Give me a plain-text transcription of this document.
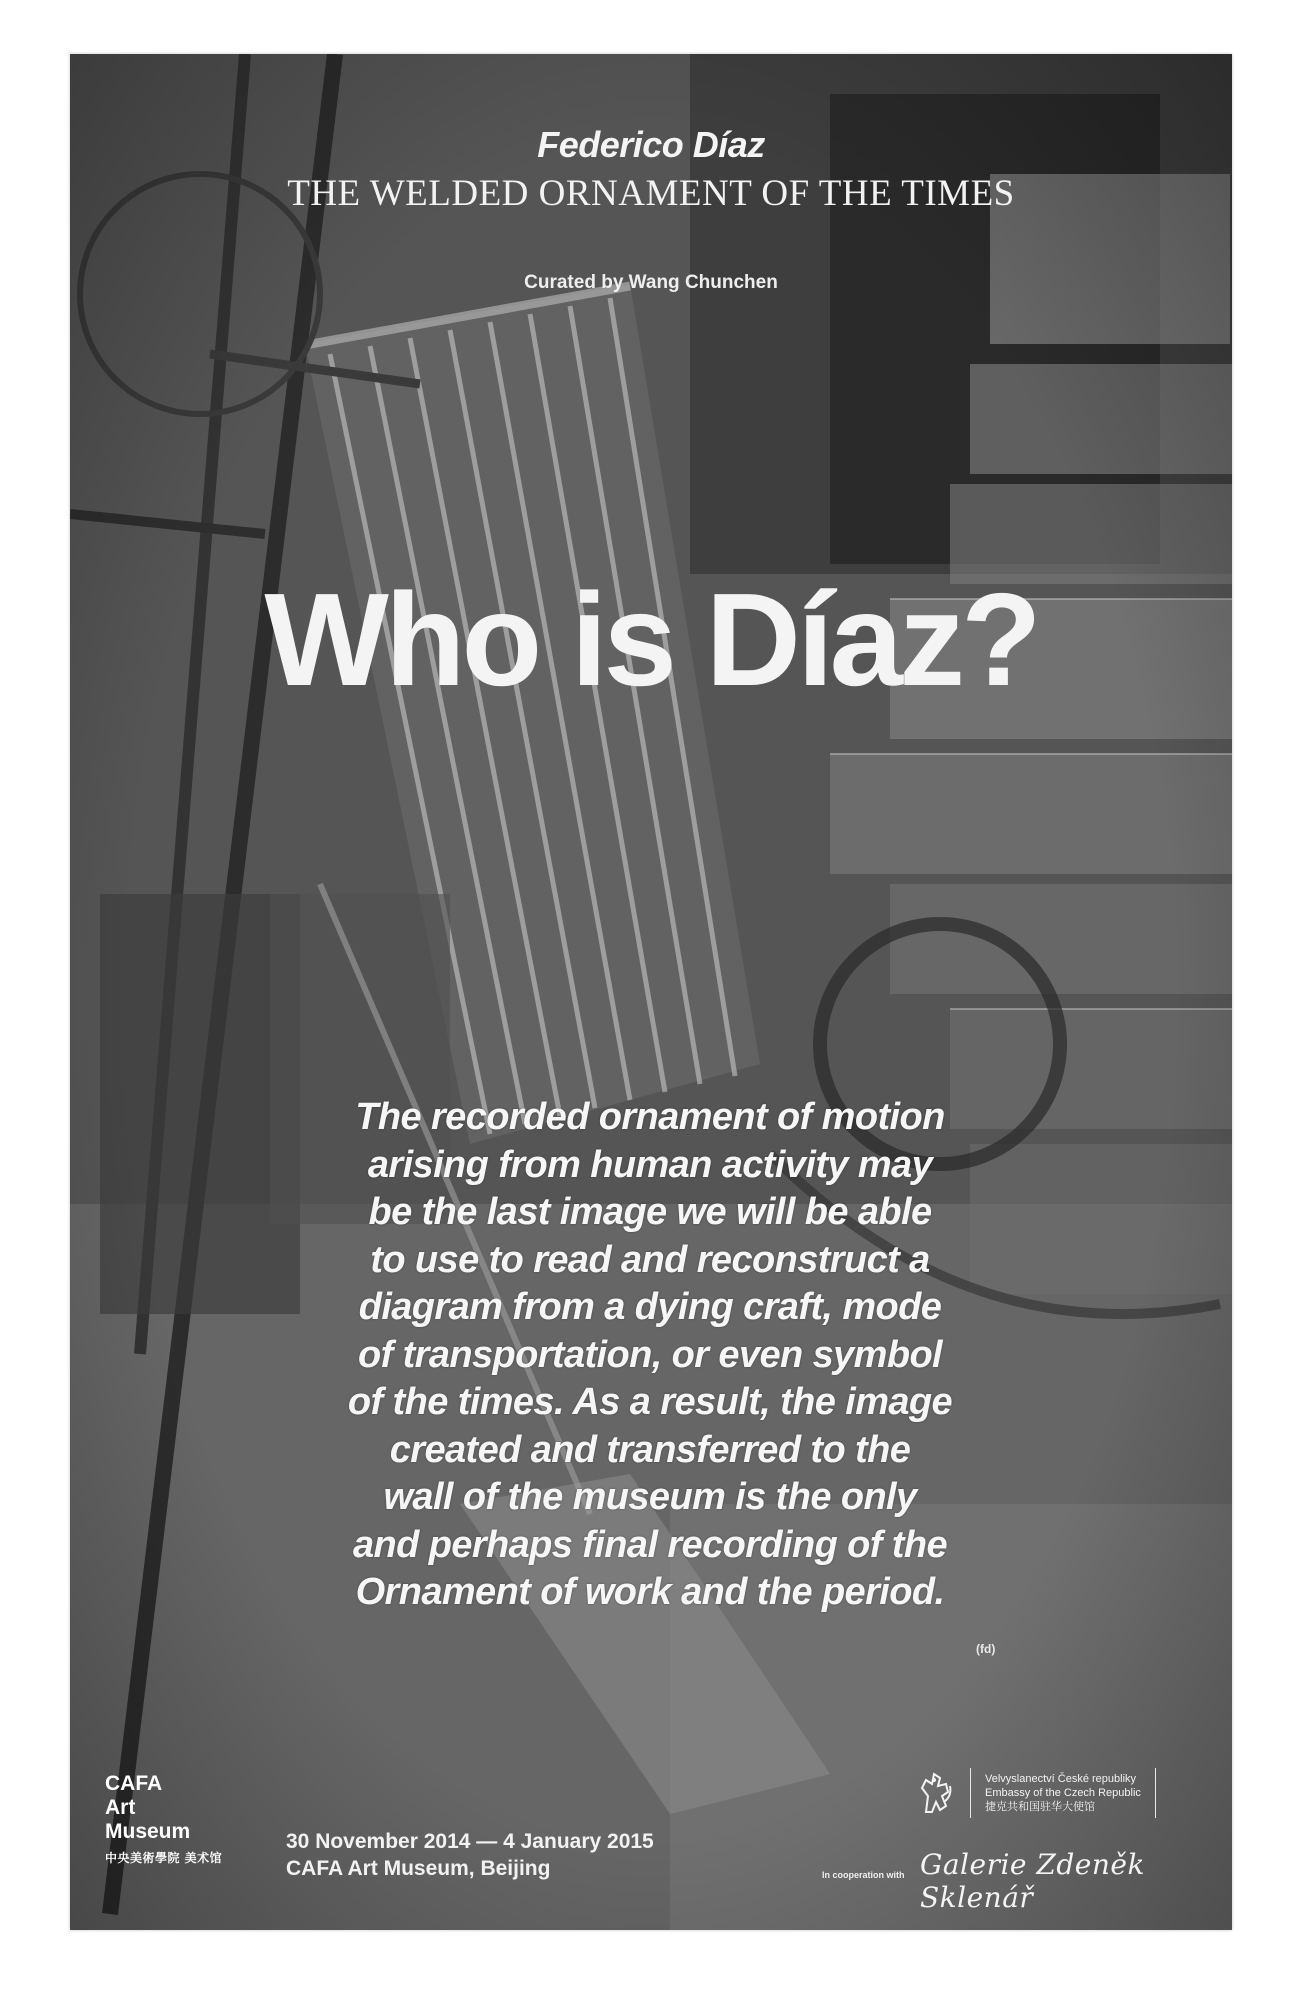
Federico Díaz
THE WELDED ORNAMENT OF THE TIMES
Curated by Wang Chunchen
Who is Díaz?
The recorded ornament of motion
arising from human activity may
be the last image we will be able
to use to read and reconstruct a
diagram from a dying craft, mode
of transportation, or even symbol
of the times. As a result, the image
created and transferred to the
wall of the museum is the only
and perhaps final recording of the
Ornament of work and the period.
(fd)
CAFA
Art
Museum
中央美術學院 美术馆
30 November 2014 — 4 January 2015
CAFA Art Museum, Beijing
Velvyslanectví České republiky
Embassy of the Czech Republic
捷克共和国驻华大使馆
In cooperation with Galerie Zdeněk Sklenář
